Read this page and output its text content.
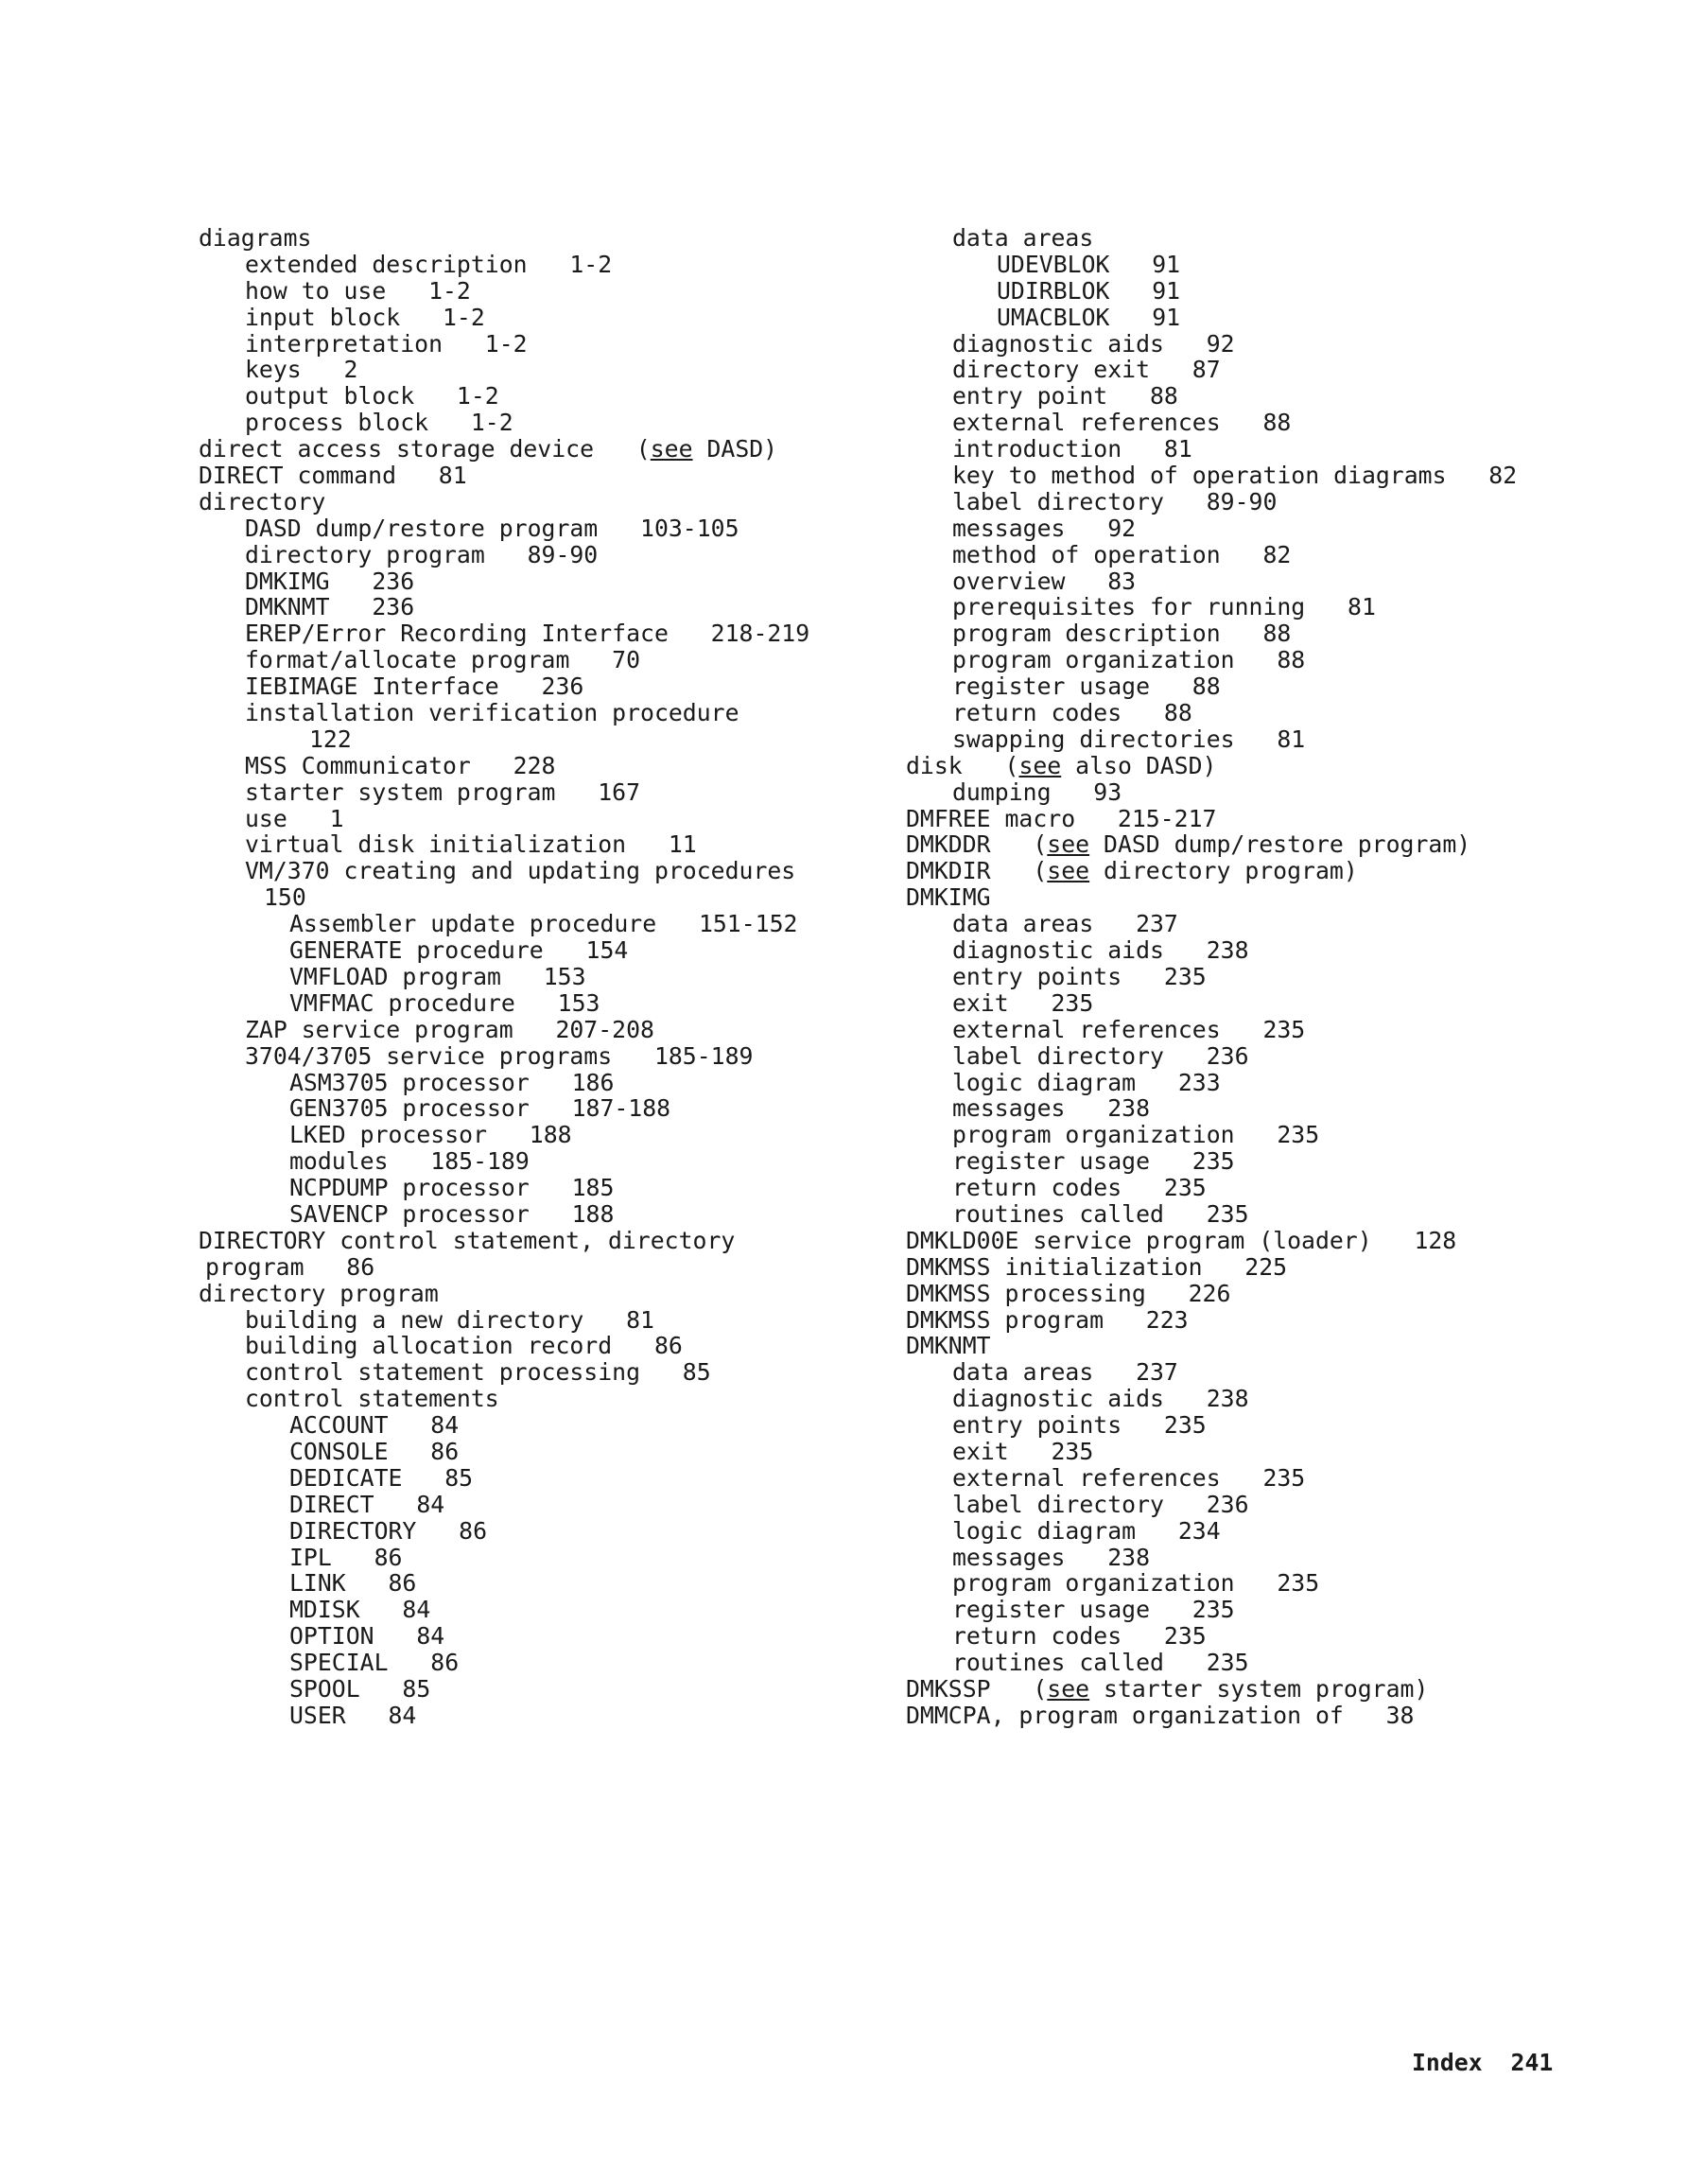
diagrams
extended description   1-2
how to use   1-2
input block   1-2
interpretation   1-2
keys   2
output block   1-2
process block   1-2
direct access storage device   (see DASD)
DIRECT command   81
directory
DASD dump/restore program   103-105
directory program   89-90
DMKIMG   236
DMKNMT   236
EREP/Error Recording Interface   218-219
format/allocate program   70
IEBIMAGE Interface   236
installation verification procedure
122
MSS Communicator   228
starter system program   167
use   1
virtual disk initialization   11
VM/370 creating and updating procedures
150
Assembler update procedure   151-152
GENERATE procedure   154
VMFLOAD program   153
VMFMAC procedure   153
ZAP service program   207-208
3704/3705 service programs   185-189
ASM3705 processor   186
GEN3705 processor   187-188
LKED processor   188
modules   185-189
NCPDUMP processor   185
SAVENCP processor   188
DIRECTORY control statement, directory
program   86
directory program
building a new directory   81
building allocation record   86
control statement processing   85
control statements
ACCOUNT   84
CONSOLE   86
DEDICATE   85
DIRECT   84
DIRECTORY   86
IPL   86
LINK   86
MDISK   84
OPTION   84
SPECIAL   86
SPOOL   85
USER   84
data areas
UDEVBLOK   91
UDIRBLOK   91
UMACBLOK   91
diagnostic aids   92
directory exit   87
entry point   88
external references   88
introduction   81
key to method of operation diagrams   82
label directory   89-90
messages   92
method of operation   82
overview   83
prerequisites for running   81
program description   88
program organization   88
register usage   88
return codes   88
swapping directories   81
disk   (see also DASD)
dumping   93
DMFREE macro   215-217
DMKDDR   (see DASD dump/restore program)
DMKDIR   (see directory program)
DMKIMG
data areas   237
diagnostic aids   238
entry points   235
exit   235
external references   235
label directory   236
logic diagram   233
messages   238
program organization   235
register usage   235
return codes   235
routines called   235
DMKLD00E service program (loader)   128
DMKMSS initialization   225
DMKMSS processing   226
DMKMSS program   223
DMKNMT
data areas   237
diagnostic aids   238
entry points   235
exit   235
external references   235
label directory   236
logic diagram   234
messages   238
program organization   235
register usage   235
return codes   235
routines called   235
DMKSSP   (see starter system program)
DMMCPA, program organization of   38
Index 241
